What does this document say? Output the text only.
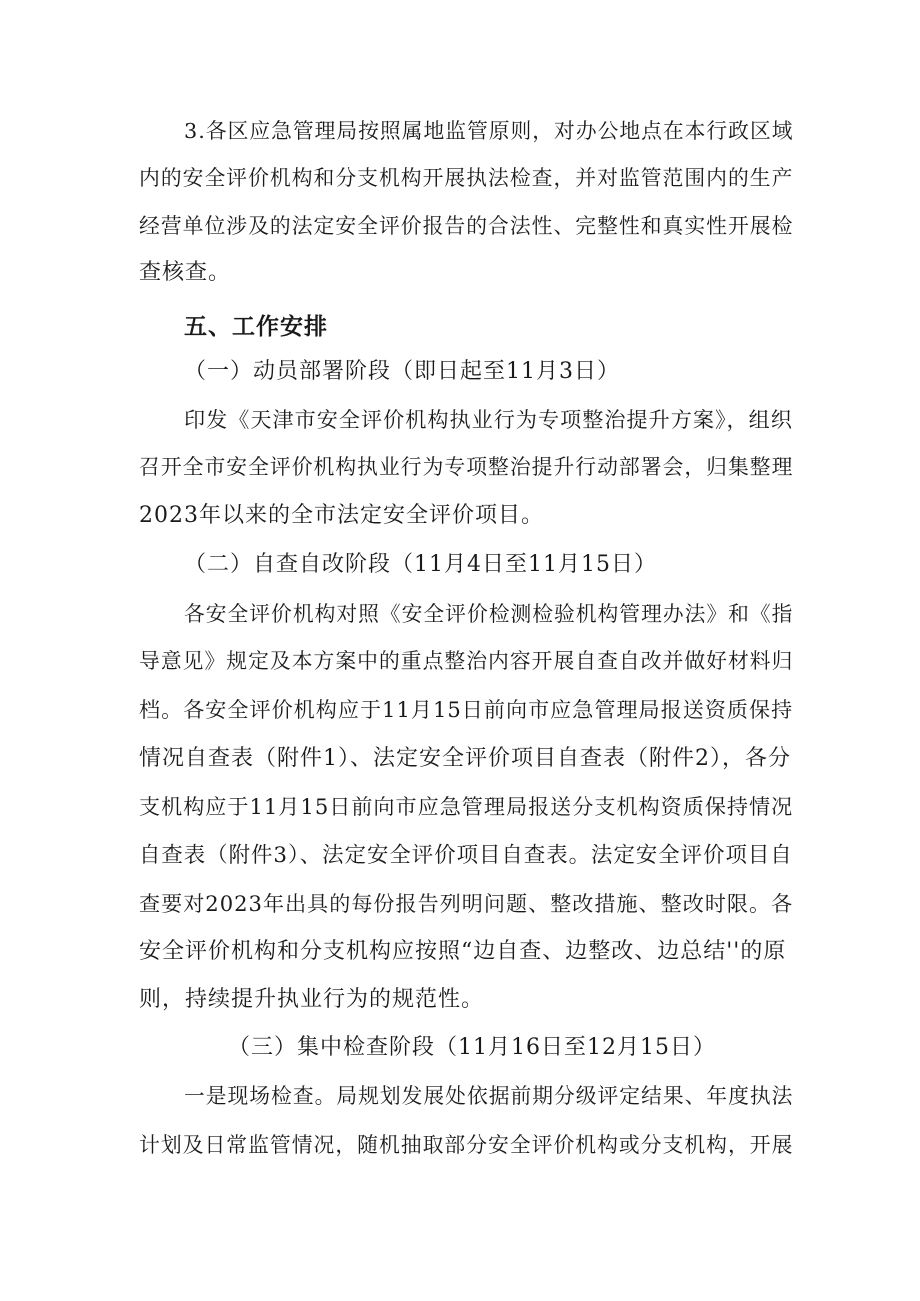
3.各区应急管理局按照属地监管原则，对办公地点在本行政区域
内的安全评价机构和分支机构开展执法检查，并对监管范围内的生产
经营单位涉及的法定安全评价报告的合法性、完整性和真实性开展检
查核查。
五、工作安排
（一）动员部署阶段（即日起至11月3日）
印发《天津市安全评价机构执业行为专项整治提升方案》，组织
召开全市安全评价机构执业行为专项整治提升行动部署会，归集整理
2023年以来的全市法定安全评价项目。
（二）自查自改阶段（11月4日至11月15日）
各安全评价机构对照《安全评价检测检验机构管理办法》和《指
导意见》规定及本方案中的重点整治内容开展自查自改并做好材料归
档。各安全评价机构应于11月15日前向市应急管理局报送资质保持
情况自查表（附件1）、法定安全评价项目自查表（附件2），各分
支机构应于11月15日前向市应急管理局报送分支机构资质保持情况
自查表（附件3）、法定安全评价项目自查表。法定安全评价项目自
查要对2023年出具的每份报告列明问题、整改措施、整改时限。各
安全评价机构和分支机构应按照“边自查、边整改、边总结''的原
则，持续提升执业行为的规范性。
（三）集中检查阶段（11月16日至12月15日）
一是现场检查。局规划发展处依据前期分级评定结果、年度执法
计划及日常监管情况，随机抽取部分安全评价机构或分支机构，开展
